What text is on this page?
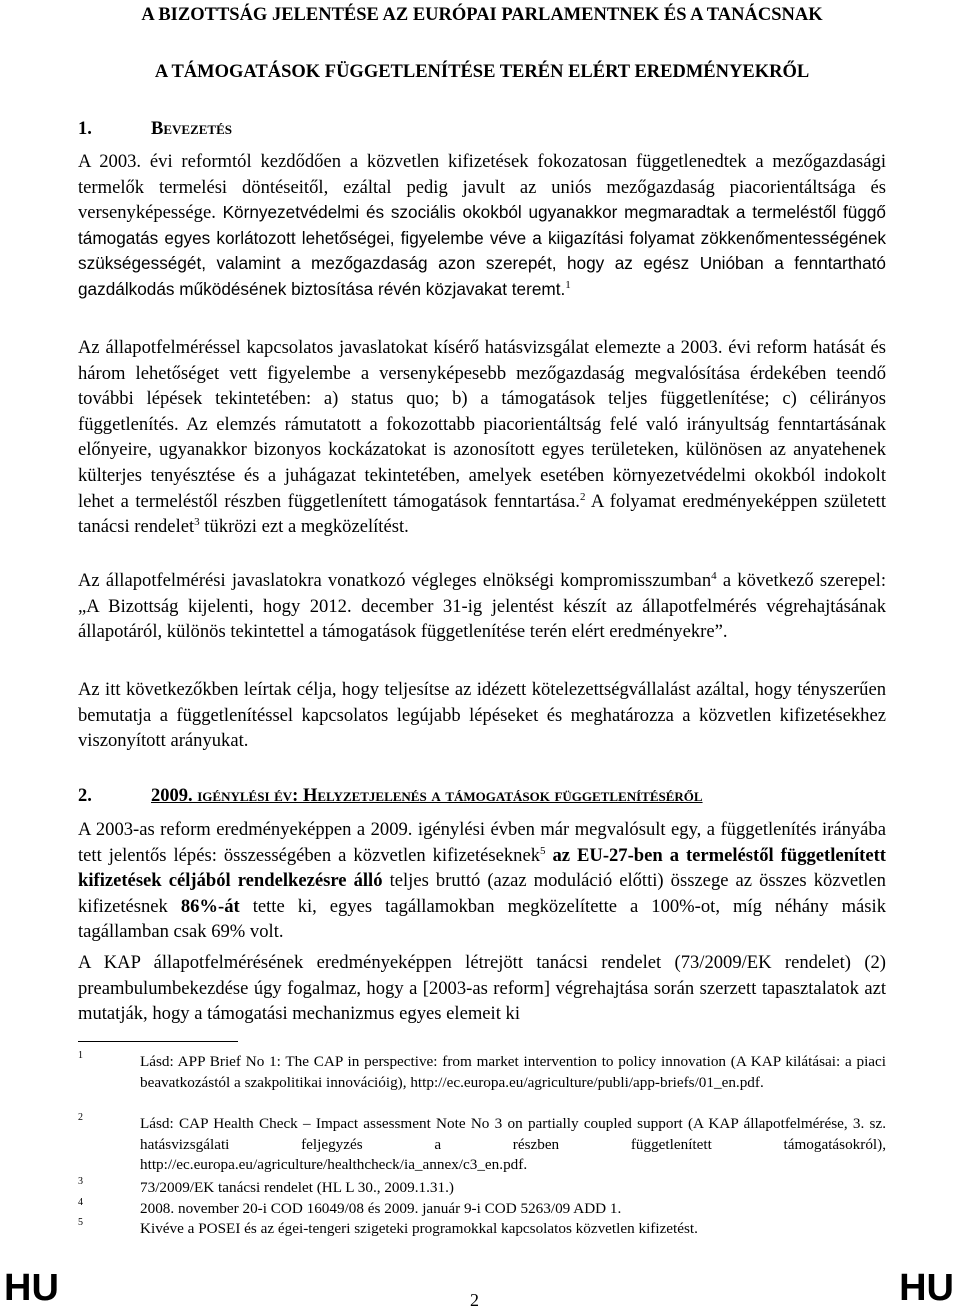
A BIZOTTSÁG JELENTÉSE AZ EURÓPAI PARLAMENTNEK ÉS A TANÁCSNAK
A TÁMOGATÁSOK FÜGGETLENÍTÉSE TERÉN ELÉRT EREDMÉNYEKRŐL
1.	Bevezetés

A 2003. évi reformtól kezdődően a közvetlen kifizetések fokozatosan függetlenedtek a mezőgazdasági termelők termelési döntéseitől, ezáltal pedig javult az uniós mezőgazdaság piacorientáltsága és versenyképessége. Környezetvédelmi és szociális okokból ugyanakkor megmaradtak a termeléstől függő támogatás egyes korlátozott lehetőségei, figyelembe véve a kiigazítási folyamat zökkenőmentességének szükségességét, valamint a mezőgazdaság azon szerepét, hogy az egész Unióban a fenntartható gazdálkodás működésének biztosítása révén közjavakat teremt.$^1$

Az állapotfelméréssel kapcsolatos javaslatokat kísérő hatásvizsgálat elemezte a 2003. évi reform hatását és három lehetőséget vett figyelembe a versenyképesebb mezőgazdaság megvalósítása érdekében teendő további lépések tekintetében: a) status quo; b) a támogatások teljes függetlenítése; c) célirányos függetlenítés. Az elemzés rámutatott a fokozottabb piacorientáltság felé való irányultság fenntartásának előnyeire, ugyanakkor bizonyos kockázatokat is azonosított egyes területeken, különösen az anyatehenek külterjes tenyésztése és a juhágazat tekintetében, amelyek esetében környezetvédelmi okokból indokolt lehet a termeléstől részben függetlenített támogatások fenntartása.$^2$ A folyamat eredményeképpen született tanácsi rendelet$^3$ tükrözi ezt a megközelítést.

Az állapotfelmérési javaslatokra vonatkozó végleges elnökségi kompromisszumban$^4$ a következő szerepel: „A Bizottság kijelenti, hogy 2012. december 31-ig jelentést készít az állapotfelmérés végrehajtásának állapotáról, különös tekintettel a támogatások függetlenítése terén elért eredményekre”.

Az itt következőkben leírtak célja, hogy teljesítse az idézett kötelezettségvállalást azáltal, hogy tényszerűen bemutatja a függetlenítéssel kapcsolatos legújabb lépéseket és meghatározza a közvetlen kifizetésekhez viszonyított arányukat.

2.	2009. igénylési év: Helyzetjelenés a támogatások függetlenítéséről

A 2003-as reform eredményeképpen a 2009. igénylési évben már megvalósult egy, a függetlenítés irányába tett jelentős lépés: összességében a közvetlen kifizetéseknek$^5$ az EU-27-ben a termeléstől függetlenített kifizetések céljából rendelkezésre álló teljes bruttó (azaz moduláció előtti) összege az összes közvetlen kifizetésnek 86%-át tette ki, egyes tagállamokban megközelítette a 100%-ot, míg néhány másik tagállamban csak 69% volt.

A KAP állapotfelmérésének eredményeképpen létrejött tanácsi rendelet (73/2009/EK rendelet) (2) preambulumbekezdése úgy fogalmaz, hogy a [2003-as reform] végrehajtása során szerzett tapasztalatok azt mutatják, hogy a támogatási mechanizmus egyes elemeit ki

1	Lásd: APP Brief No 1: The CAP in perspective: from market intervention to policy innovation (A KAP kilátásai: a piaci beavatkozástól a szakpolitikai innovációig), http://ec.europa.eu/agriculture/publi/app-briefs/01_en.pdf.
2	Lásd: CAP Health Check – Impact assessment Note No 3 on partially coupled support (A KAP állapotfelmérése, 3. sz. hatásvizsgálati feljegyzés a részben függetlenített támogatásokról), http://ec.europa.eu/agriculture/healthcheck/ia_annex/c3_en.pdf.
3	73/2009/EK tanácsi rendelet (HL L 30., 2009.1.31.)
4	2008. november 20-i COD 16049/08 és 2009. január 9-i COD 5263/09 ADD 1.
5	Kivéve a POSEI és az égei-tengeri szigeteki programokkal kapcsolatos közvetlen kifizetést.
HU	2	HU
